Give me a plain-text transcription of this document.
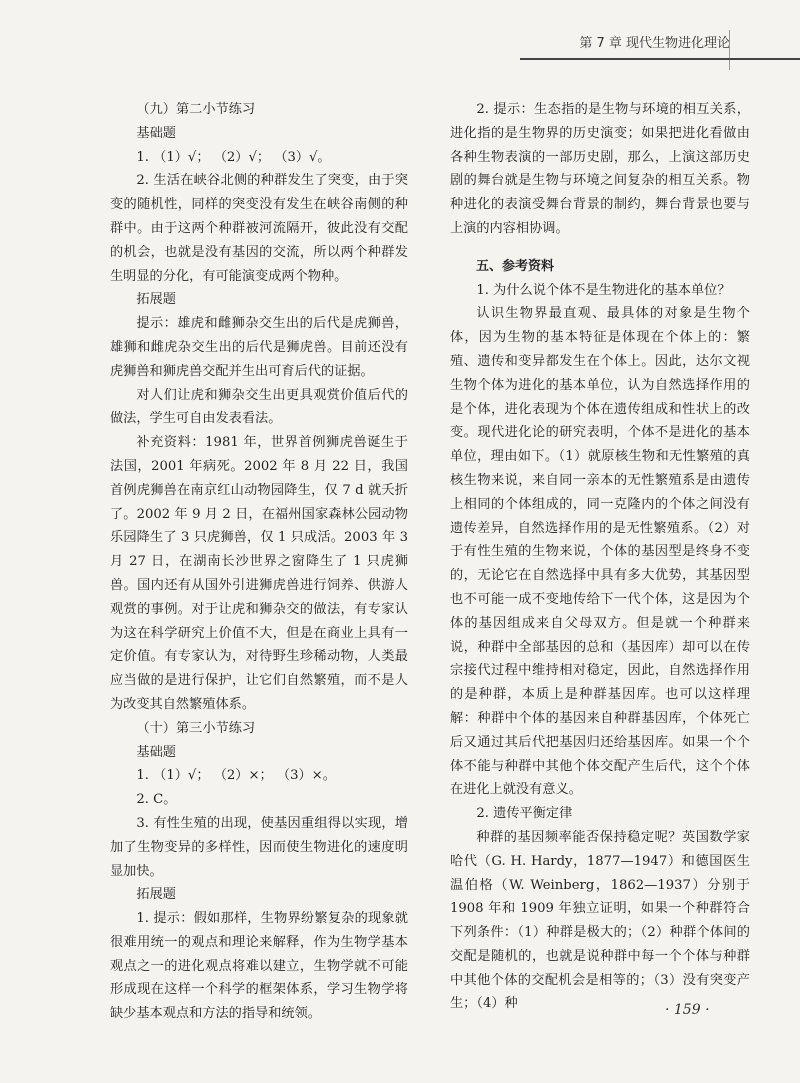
第 7 章 现代生物进化理论

（九）第二小节练习

基础题

1. （1）√； （2）√； （3）√。

2. 生活在峡谷北侧的种群发生了突变，由于突变的随机性，同样的突变没有发生在峡谷南侧的种群中。由于这两个种群被河流隔开，彼此没有交配的机会，也就是没有基因的交流，所以两个种群发生明显的分化，有可能演变成两个物种。

拓展题

提示：雄虎和雌狮杂交生出的后代是虎狮兽，雄狮和雌虎杂交生出的后代是狮虎兽。目前还没有虎狮兽和狮虎兽交配并生出可育后代的证据。

对人们让虎和狮杂交生出更具观赏价值后代的做法，学生可自由发表看法。

补充资料：1981 年，世界首例狮虎兽诞生于法国，2001 年病死。2002 年 8 月 22 日，我国首例虎狮兽在南京红山动物园降生，仅 7 d 就夭折了。2002 年 9 月 2 日，在福州国家森林公园动物乐园降生了 3 只虎狮兽，仅 1 只成活。2003 年 3 月 27 日，在湖南长沙世界之窗降生了 1 只虎狮兽。国内还有从国外引进狮虎兽进行饲养、供游人观赏的事例。对于让虎和狮杂交的做法，有专家认为这在科学研究上价值不大，但是在商业上具有一定价值。有专家认为，对待野生珍稀动物，人类最应当做的是进行保护，让它们自然繁殖，而不是人为改变其自然繁殖体系。

（十）第三小节练习

基础题

1. （1）√； （2）×； （3）×。

2. C。

3. 有性生殖的出现，使基因重组得以实现，增加了生物变异的多样性，因而使生物进化的速度明显加快。

拓展题

1. 提示：假如那样，生物界纷繁复杂的现象就很难用统一的观点和理论来解释，作为生物学基本观点之一的进化观点将难以建立，生物学就不可能形成现在这样一个科学的框架体系，学习生物学将缺少基本观点和方法的指导和统领。

2. 提示：生态指的是生物与环境的相互关系，进化指的是生物界的历史演变；如果把进化看做由各种生物表演的一部历史剧，那么，上演这部历史剧的舞台就是生物与环境之间复杂的相互关系。物种进化的表演受舞台背景的制约，舞台背景也要与上演的内容相协调。

五、参考资料

1. 为什么说个体不是生物进化的基本单位？

认识生物界最直观、最具体的对象是生物个体，因为生物的基本特征是体现在个体上的：繁殖、遗传和变异都发生在个体上。因此，达尔文视生物个体为进化的基本单位，认为自然选择作用的是个体，进化表现为个体在遗传组成和性状上的改变。现代进化论的研究表明，个体不是进化的基本单位，理由如下。（1）就原核生物和无性繁殖的真核生物来说，来自同一亲本的无性繁殖系是由遗传上相同的个体组成的，同一克隆内的个体之间没有遗传差异，自然选择作用的是无性繁殖系。（2）对于有性生殖的生物来说，个体的基因型是终身不变的，无论它在自然选择中具有多大优势，其基因型也不可能一成不变地传给下一代个体，这是因为个体的基因组成来自父母双方。但是就一个种群来说，种群中全部基因的总和（基因库）却可以在传宗接代过程中维持相对稳定，因此，自然选择作用的是种群，本质上是种群基因库。也可以这样理解：种群中个体的基因来自种群基因库，个体死亡后又通过其后代把基因归还给基因库。如果一个个体不能与种群中其他个体交配产生后代，这个个体在进化上就没有意义。

2. 遗传平衡定律

种群的基因频率能否保持稳定呢？英国数学家哈代（G. H. Hardy，1877—1947）和德国医生温伯格（W. Weinberg，1862—1937）分别于 1908 年和 1909 年独立证明，如果一个种群符合下列条件：（1）种群是极大的；（2）种群个体间的交配是随机的，也就是说种群中每一个个体与种群中其他个体的交配机会是相等的；（3）没有突变产生；（4）种	· 159 ·
